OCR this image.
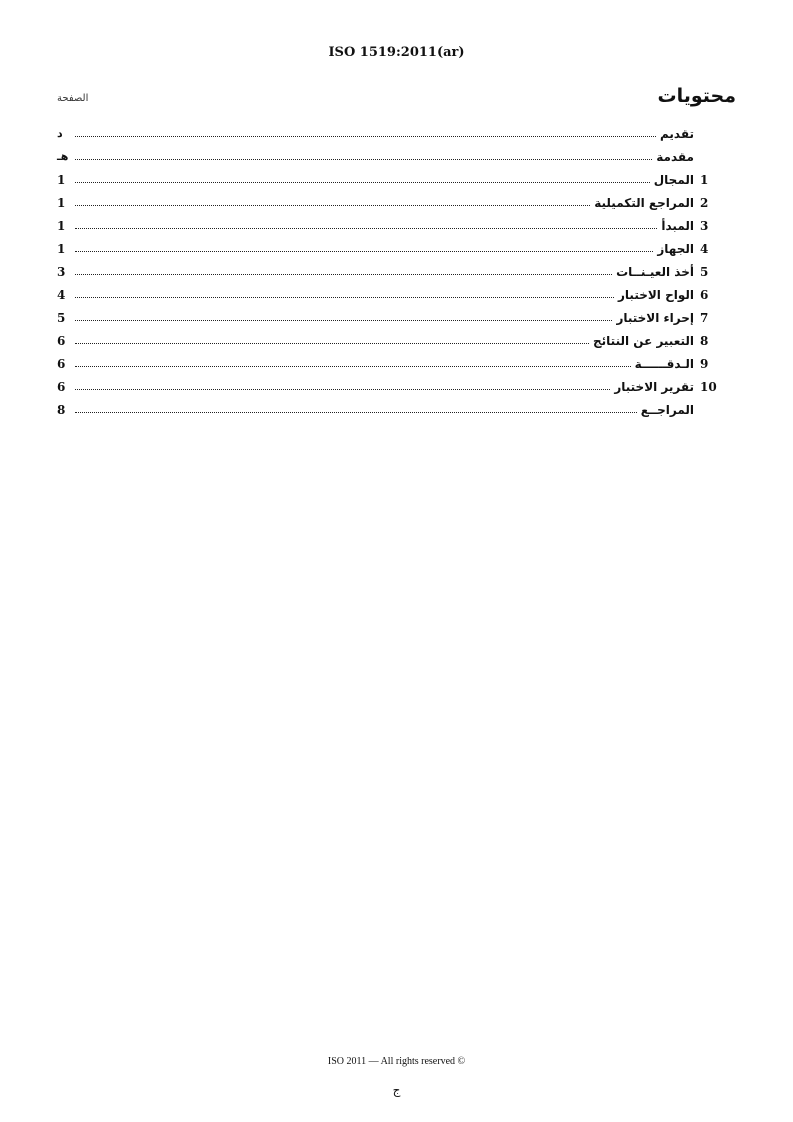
ISO 1519:2011(ar)
محتويات
الصفحة
تقديم
د
مقدمة
هـ
1
المجال
1
2
المراجع التكميلية
1
3
المبدأ
1
4
الجهاز
1
5
أخذ العيـنــات
3
6
الواح الاختبار
4
7
إحراء الاختبار
5
8
التعبير عن النتائج
6
9
الـدقــــــة
6
10
تقرير الاختبار
6
المراجــع
8
ISO 2011 — All rights reserved ©
ج
